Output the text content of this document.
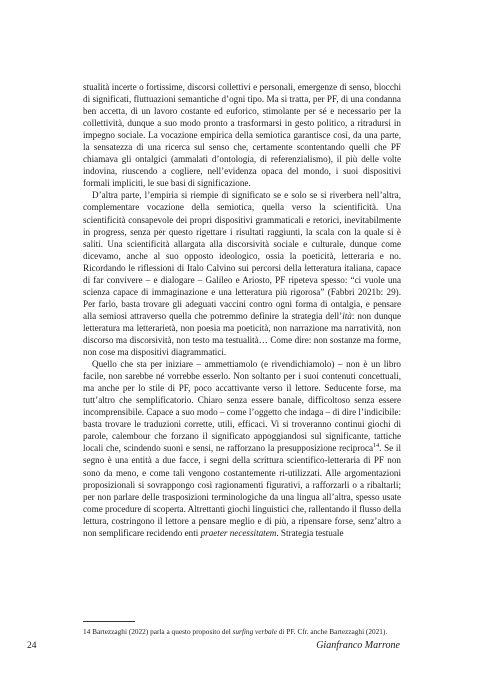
stualità incerte o fortissime, discorsi collettivi e personali, emergenze di senso, blocchi di significati, fluttuazioni semantiche d’ogni tipo. Ma si tratta, per PF, di una condanna ben accetta, di un lavoro costante ed euforico, stimolante per sé e necessario per la collettività, dunque a suo modo pronto a trasformarsi in gesto politico, a ritradursi in impegno sociale. La vocazione empirica della semiotica garantisce così, da una parte, la sensatezza di una ricerca sul senso che, certamente scontentando quelli che PF chiamava gli ontalgici (ammalati d’ontologia, di referenzialismo), il più delle volte indovina, riuscendo a cogliere, nell’evidenza opaca del mondo, i suoi dispositivi formali impliciti, le sue basi di significazione.

D’altra parte, l’empiria si riempie di significato se e solo se si riverbera nell’altra, complementare vocazione della semiotica, quella verso la scientificità. Una scientificità consapevole dei propri dispositivi grammaticali e retorici, inevitabilmente in progress, senza per questo rigettare i risultati raggiunti, la scala con la quale si è saliti. Una scientificità allargata alla discorsività sociale e culturale, dunque come dicevamo, anche al suo opposto ideologico, ossia la poeticità, letteraria e no. Ricordando le riflessioni di Italo Calvino sui percorsi della letteratura italiana, capace di far convivere – e dialogare – Galileo e Ariosto, PF ripeteva spesso: “ci vuole una scienza capace di immaginazione e una letteratura più rigorosa” (Fabbri 2021b: 29). Per farlo, basta trovare gli adeguati vaccini contro ogni forma di ontalgia, e pensare alla semiosi attraverso quella che potremmo definire la strategia dell’ità: non dunque letteratura ma letterarietà, non poesia ma poeticità, non narrazione ma narratività, non discorso ma discorsività, non testo ma testualità… Come dire: non sostanze ma forme, non cose ma dispositivi diagrammatici.

Quello che sta per iniziare – ammettiamolo (e rivendichiamolo) – non è un libro facile, non sarebbe né vorrebbe esserlo. Non soltanto per i suoi contenuti concettuali, ma anche per lo stile di PF, poco accattivante verso il lettore. Seducente forse, ma tutt’altro che semplificatorio. Chiaro senza essere banale, difficoltoso senza essere incomprensibile. Capace a suo modo – come l’oggetto che indaga – di dire l’indicibile: basta trovare le traduzioni corrette, utili, efficaci. Vi si troveranno continui giochi di parole, calembour che forzano il significato appoggiandosi sul significante, tattiche locali che, scindendo suoni e sensi, ne rafforzano la presupposizione reciproca$^{14}$. Se il segno è una entità a due facce, i segni della scrittura scientifico-letteraria di PF non sono da meno, e come tali vengono costantemente ri-utilizzati. Alle argomentazioni proposizionali si sovrappongo così ragionamenti figurativi, a rafforzarli o a ribaltarli; per non parlare delle trasposizioni terminologiche da una lingua all’altra, spesso usate come procedure di scoperta. Altrettanti giochi linguistici che, rallentando il flusso della lettura, costringono il lettore a pensare meglio e di più, a ripensare forse, senz’altro a non semplificare recidendo enti praeter necessitatem. Strategia testuale

14 Bartezzaghi (2022) parla a questo proposito del surfing verbale di PF. Cfr. anche Bartezzaghi (2021).
24	Gianfranco Marrone
